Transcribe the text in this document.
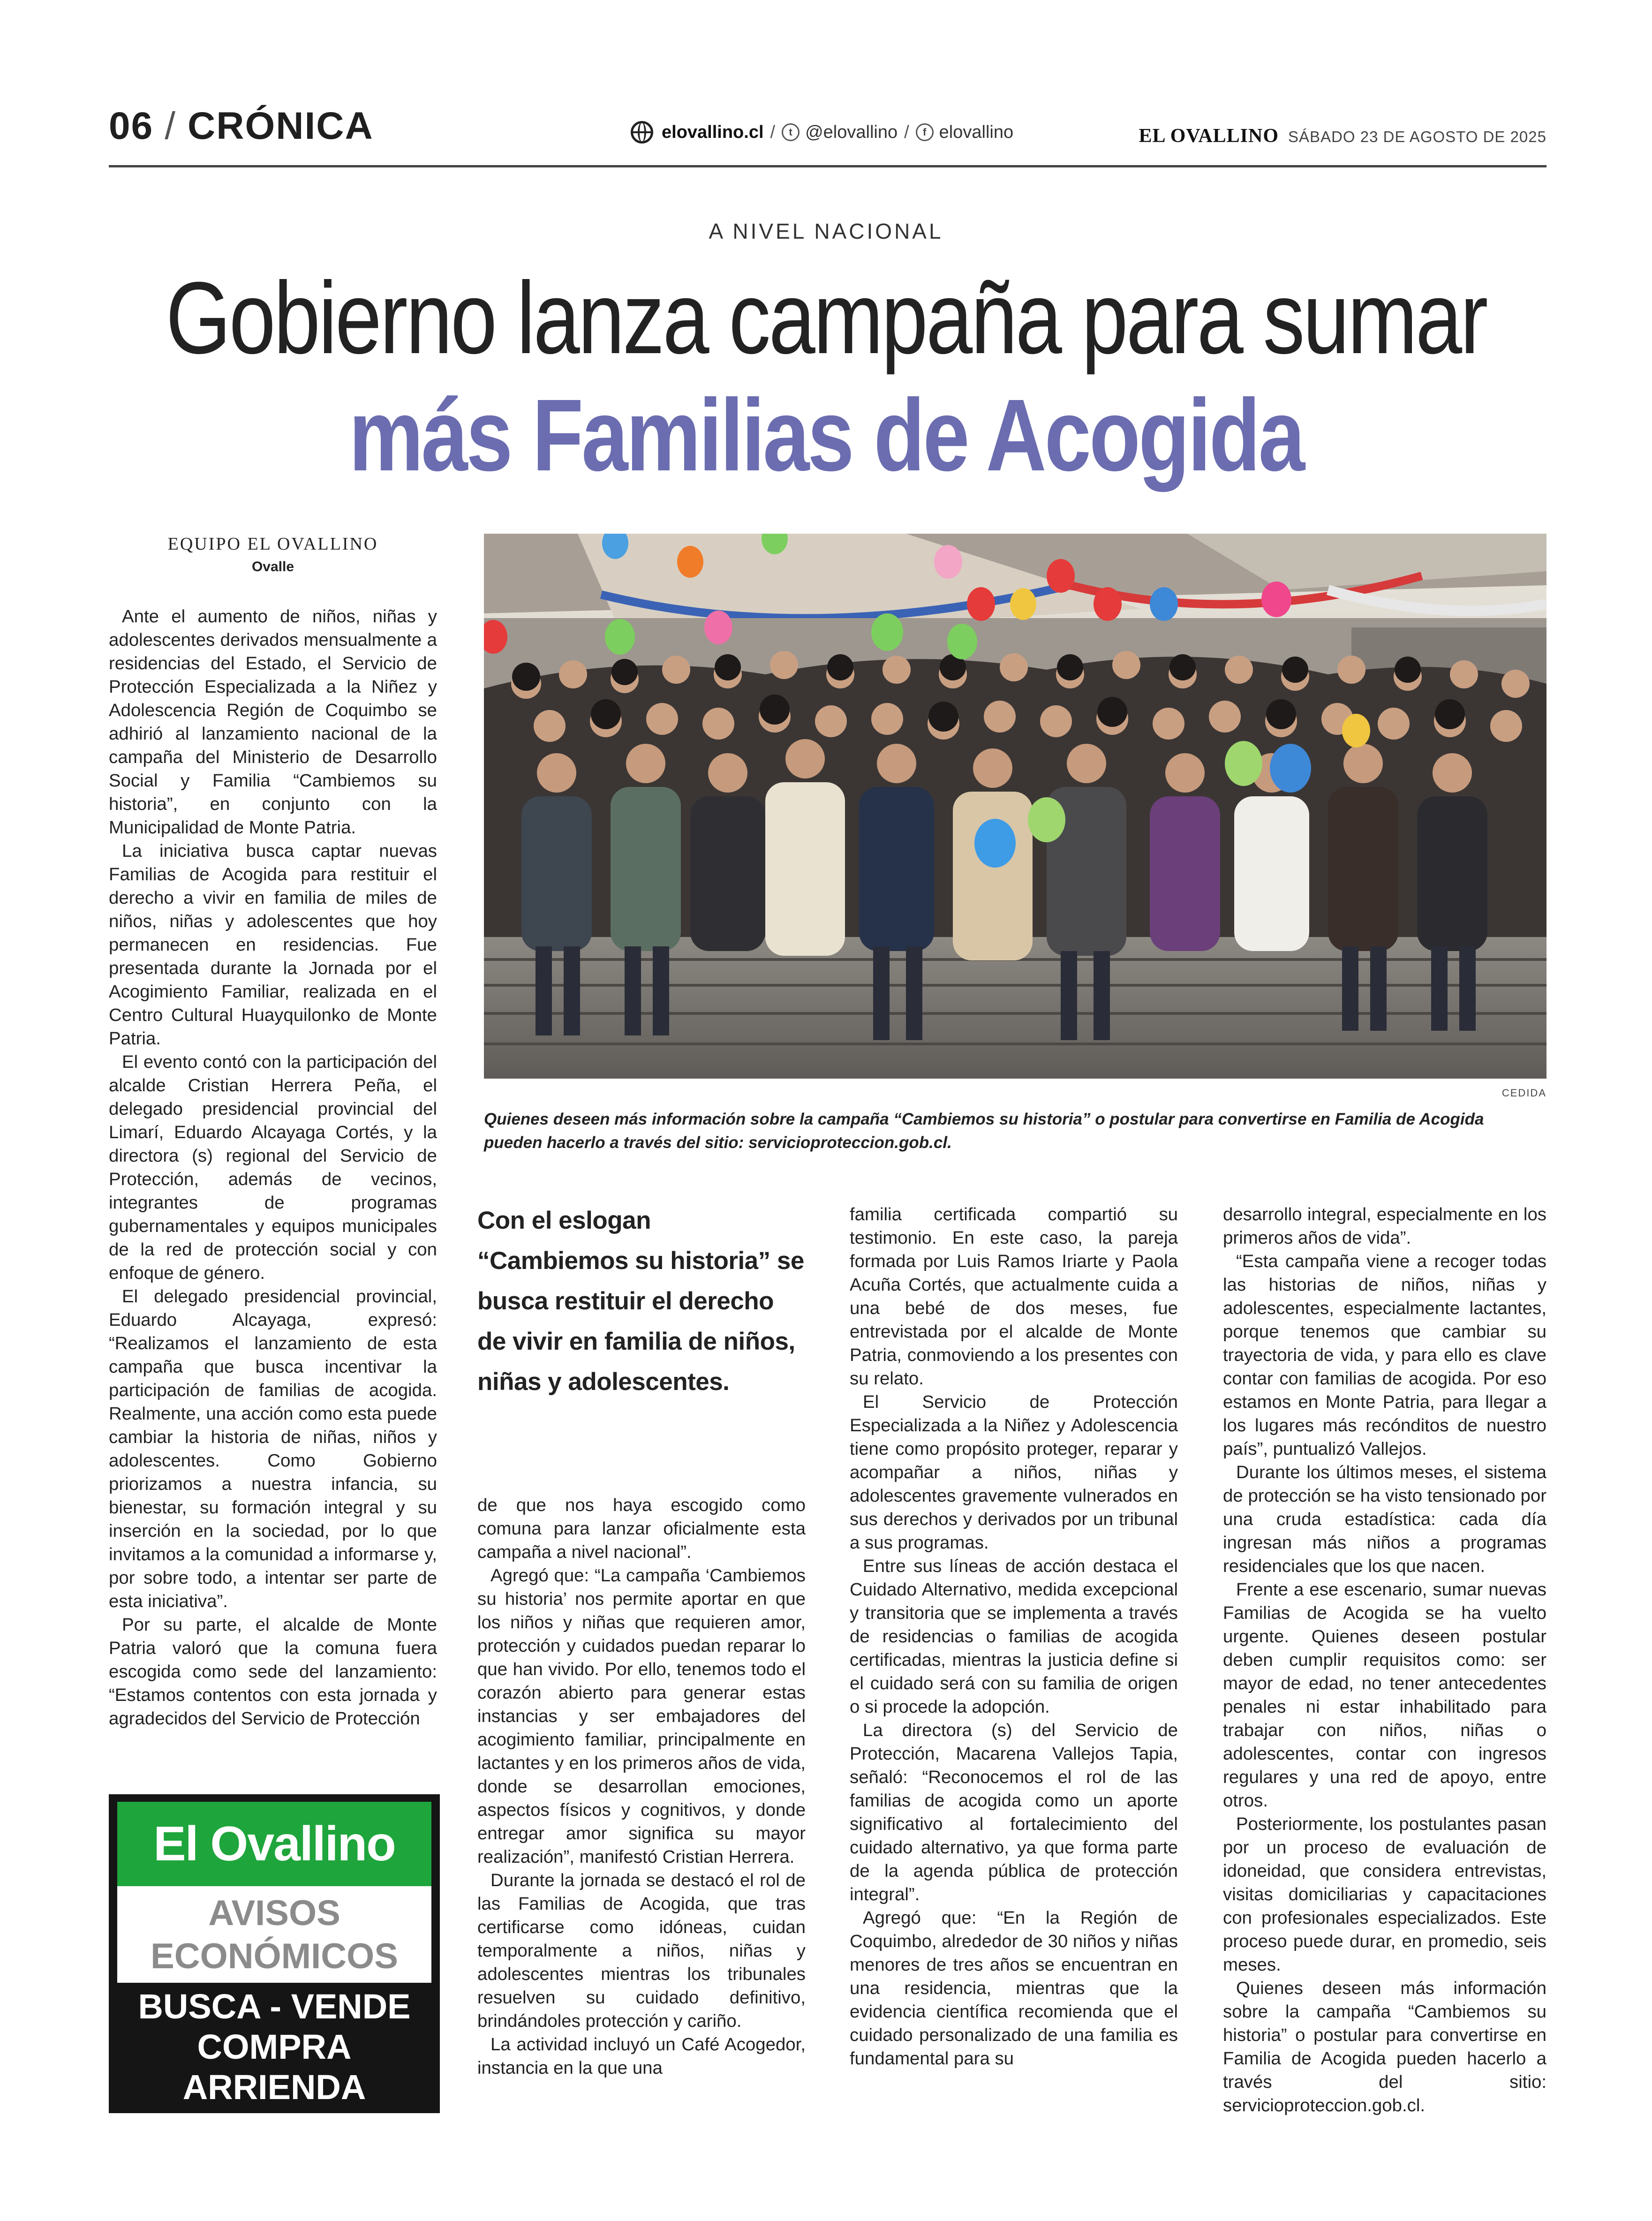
06 / CRÓNICA	elovallino.cl /	t @elovallino /	f elovallino	EL OVALLINO SÁBADO 23 DE AGOSTO DE 2025
A NIVEL NACIONAL
Gobierno lanza campaña para sumar
más Familias de Acogida
EQUIPO EL OVALLINO
Ovalle
CEDIDA
Quienes deseen más información sobre la campaña “Cambiemos su historia” o postular para convertirse en Familia de Acogida pueden hacerlo a través del sitio: servicioproteccion.gob.cl.
Con el eslogan “Cambiemos su historia” se busca restituir el derecho de vivir en familia de niños, niñas y adolescentes.

Ante el aumento de niños, niñas y adolescentes derivados mensualmente a residencias del Estado, el Servicio de Protección Especializada a la Niñez y Adolescencia Región de Coquimbo se adhirió al lanzamiento nacional de la campaña del Ministerio de Desarrollo Social y Familia “Cambiemos su historia”, en conjunto con la Municipalidad de Monte Patria.

La iniciativa busca captar nuevas Familias de Acogida para restituir el derecho a vivir en familia de miles de niños, niñas y adolescentes que hoy permanecen en residencias. Fue presentada durante la Jornada por el Acogimiento Familiar, realizada en el Centro Cultural Huayquilonko de Monte Patria.

El evento contó con la participación del alcalde Cristian Herrera Peña, el delegado presidencial provincial del Limarí, Eduardo Alcayaga Cortés, y la directora (s) regional del Servicio de Protección, además de vecinos, integrantes de programas gubernamentales y equipos municipales de la red de protección social y con enfoque de género.

El delegado presidencial provincial, Eduardo Alcayaga, expresó: “Realizamos el lanzamiento de esta campaña que busca incentivar la participación de familias de acogida. Realmente, una acción como esta puede cambiar la historia de niñas, niños y adolescentes. Como Gobierno priorizamos a nuestra infancia, su bienestar, su formación integral y su inserción en la sociedad, por lo que invitamos a la comunidad a informarse y, por sobre todo, a intentar ser parte de esta iniciativa”.

Por su parte, el alcalde de Monte Patria valoró que la comuna fuera escogida como sede del lanzamiento: “Estamos contentos con esta jornada y agradecidos del Servicio de Protección

de que nos haya escogido como comuna para lanzar oficialmente esta campaña a nivel nacional”.

Agregó que: “La campaña ‘Cambiemos su historia’ nos permite aportar en que los niños y niñas que requieren amor, protección y cuidados puedan reparar lo que han vivido. Por ello, tenemos todo el corazón abierto para generar estas instancias y ser embajadores del acogimiento familiar, principalmente en lactantes y en los primeros años de vida, donde se desarrollan emociones, aspectos físicos y cognitivos, y donde entregar amor significa su mayor realización”, manifestó Cristian Herrera.

Durante la jornada se destacó el rol de las Familias de Acogida, que tras certificarse como idóneas, cuidan temporalmente a niños, niñas y adolescentes mientras los tribunales resuelven su cuidado definitivo, brindándoles protección y cariño.

La actividad incluyó un Café Acogedor, instancia en la que una

familia certificada compartió su testimonio. En este caso, la pareja formada por Luis Ramos Iriarte y Paola Acuña Cortés, que actualmente cuida a una bebé de dos meses, fue entrevistada por el alcalde de Monte Patria, conmoviendo a los presentes con su relato.

El Servicio de Protección Especializada a la Niñez y Adolescencia tiene como propósito proteger, reparar y acompañar a niños, niñas y adolescentes gravemente vulnerados en sus derechos y derivados por un tribunal a sus programas.

Entre sus líneas de acción destaca el Cuidado Alternativo, medida excepcional y transitoria que se implementa a través de residencias o familias de acogida certificadas, mientras la justicia define si el cuidado será con su familia de origen o si procede la adopción.

La directora (s) del Servicio de Protección, Macarena Vallejos Tapia, señaló: “Reconocemos el rol de las familias de acogida como un aporte significativo al fortalecimiento del cuidado alternativo, ya que forma parte de la agenda pública de protección integral”.

Agregó que: “En la Región de Coquimbo, alrededor de 30 niños y niñas menores de tres años se encuentran en una residencia, mientras que la evidencia científica recomienda que el cuidado personalizado de una familia es fundamental para su

desarrollo integral, especialmente en los primeros años de vida”.

“Esta campaña viene a recoger todas las historias de niños, niñas y adolescentes, especialmente lactantes, porque tenemos que cambiar su trayectoria de vida, y para ello es clave contar con familias de acogida. Por eso estamos en Monte Patria, para llegar a los lugares más recónditos de nuestro país”, puntualizó Vallejos.

Durante los últimos meses, el sistema de protección se ha visto tensionado por una cruda estadística: cada día ingresan más niños a programas residenciales que los que nacen.

Frente a ese escenario, sumar nuevas Familias de Acogida se ha vuelto urgente. Quienes deseen postular deben cumplir requisitos como: ser mayor de edad, no tener antecedentes penales ni estar inhabilitado para trabajar con niños, niñas o adolescentes, contar con ingresos regulares y una red de apoyo, entre otros.

Posteriormente, los postulantes pasan por un proceso de evaluación de idoneidad, que considera entrevistas, visitas domiciliarias y capacitaciones con profesionales especializados. Este proceso puede durar, en promedio, seis meses.

Quienes deseen más información sobre la campaña “Cambiemos su historia” o postular para convertirse en Familia de Acogida pueden hacerlo a través del sitio: servicioproteccion.gob.cl.

El Ovallino
AVISOS
ECONÓMICOS
BUSCA - VENDE
COMPRA
ARRIENDA
